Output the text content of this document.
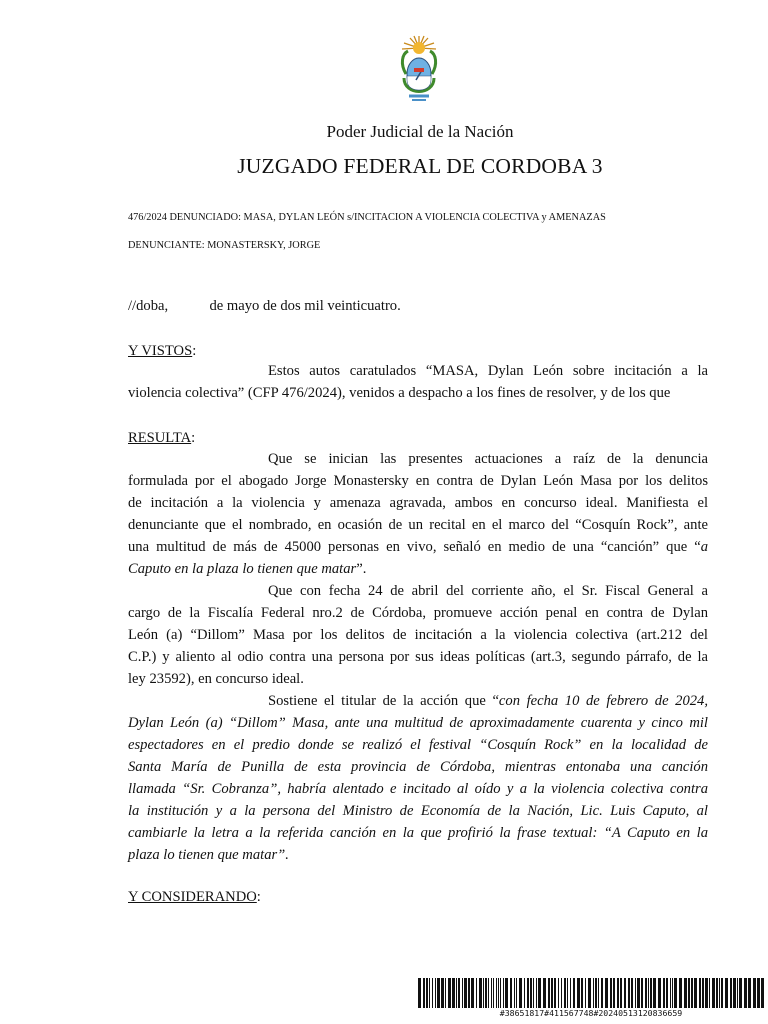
Poder Judicial de la Nación
JUZGADO FEDERAL DE CORDOBA 3
476/2024 DENUNCIADO: MASA, DYLAN LEÓN s/INCITACION A VIOLENCIA COLECTIVA y AMENAZAS
DENUNCIANTE: MONASTERSKY, JORGE
//doba,	de mayo de dos mil veinticuatro.
Y VISTOS:
Estos autos caratulados “MASA, Dylan León sobre incitación a la
violencia colectiva” (CFP 476/2024), venidos a despacho a los fines de resolver, y de los que
RESULTA:
Que se inician las presentes actuaciones a raíz de la denuncia
formulada por el abogado Jorge Monastersky en contra de Dylan León Masa por los delitos
de incitación a la violencia y amenaza agravada, ambos en concurso ideal. Manifiesta el
denunciante que el nombrado, en ocasión de un recital en el marco del “Cosquín Rock”, ante
una multitud de más de 45000 personas en vivo, señaló en medio de una “canción” que “a
Caputo en la plaza lo tienen que matar”.
Que con fecha 24 de abril del corriente año, el Sr. Fiscal General a
cargo de la Fiscalía Federal nro.2 de Córdoba, promueve acción penal en contra de Dylan
León (a) “Dillom” Masa por los delitos de incitación a la violencia colectiva (art.212 del
C.P.) y aliento al odio contra una persona por sus ideas políticas (art.3, segundo párrafo, de la
ley 23592), en concurso ideal.
Sostiene el titular de la acción que “con fecha 10 de febrero de 2024,
Dylan León (a) “Dillom” Masa, ante una multitud de aproximadamente cuarenta y cinco mil
espectadores en el predio donde se realizó el festival “Cosquín Rock” en la localidad de
Santa María de Punilla de esta provincia de Córdoba, mientras entonaba una canción
llamada “Sr. Cobranza”, habría alentado e incitado al oído y a la violencia colectiva contra
la institución y a la persona del Ministro de Economía de la Nación, Lic. Luis Caputo, al
cambiarle la letra a la referida canción en la que profirió la frase textual: “A Caputo en la
plaza lo tienen que matar”.
Y CONSIDERANDO:
#38651817#411567748#20240513120836659
